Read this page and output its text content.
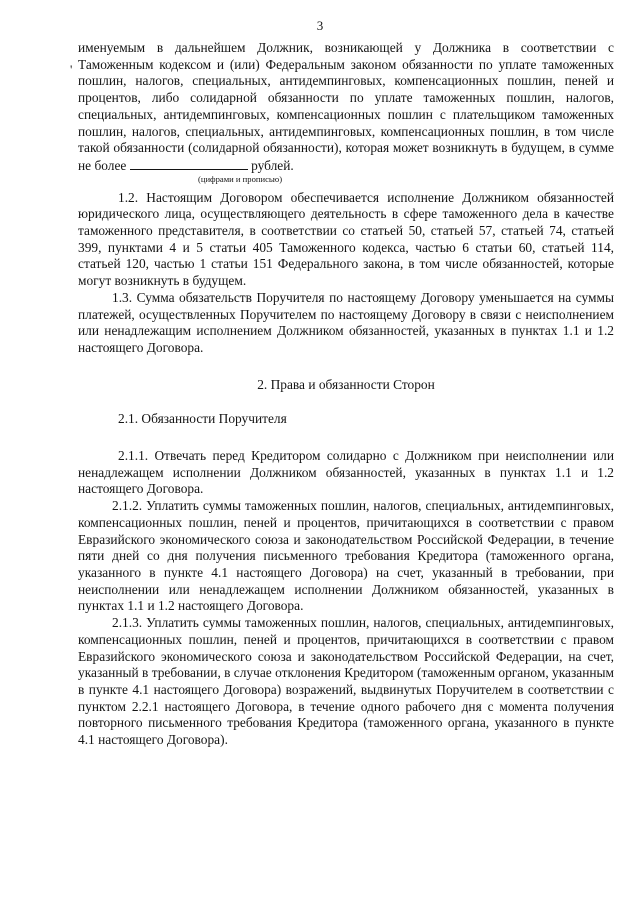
3
'

именуемым в дальнейшем Должник, возникающей у Должника в соответствии с Таможенным кодексом и (или) Федеральным законом обязанности по уплате таможенных пошлин, налогов, специальных, антидемпинговых, компенсационных пошлин, пеней и процентов, либо солидарной обязанности по уплате таможенных пошлин, налогов, специальных, антидемпинговых, компенсационных пошлин с плательщиком таможенных пошлин, налогов, специальных, антидемпинговых, компенсационных пошлин, в том числе такой обязанности (солидарной обязанности), которая может возникнуть в будущем, в сумме не более	рублей.

(цифрами и прописью)

1.2. Настоящим Договором обеспечивается исполнение Должником обязанностей юридического лица, осуществляющего деятельность в сфере таможенного дела в качестве таможенного представителя, в соответствии со статьей 50, статьей 57, статьей 74, статьей 399, пунктами 4 и 5 статьи 405 Таможенного кодекса, частью 6 статьи 60, статьей 114, статьей 120, частью 1 статьи 151 Федерального закона, в том числе обязанностей, которые могут возникнуть в будущем.

1.3. Сумма обязательств Поручителя по настоящему Договору уменьшается на суммы платежей, осуществленных Поручителем по настоящему Договору в связи с неисполнением или ненадлежащим исполнением Должником обязанностей, указанных в пунктах 1.1 и 1.2 настоящего Договора.

2. Права и обязанности Сторон

2.1. Обязанности Поручителя

2.1.1. Отвечать перед Кредитором солидарно с Должником при неисполнении или ненадлежащем исполнении Должником обязанностей, указанных в пунктах 1.1 и 1.2 настоящего Договора.

2.1.2. Уплатить суммы таможенных пошлин, налогов, специальных, антидемпинговых, компенсационных пошлин, пеней и процентов, причитающихся в соответствии с правом Евразийского экономического союза и законодательством Российской Федерации, в течение пяти дней со дня получения письменного требования Кредитора (таможенного органа, указанного в пункте 4.1 настоящего Договора) на счет, указанный в требовании, при неисполнении или ненадлежащем исполнении Должником обязанностей, указанных в пунктах 1.1 и 1.2 настоящего Договора.

2.1.3. Уплатить суммы таможенных пошлин, налогов, специальных, антидемпинговых, компенсационных пошлин, пеней и процентов, причитающихся в соответствии с правом Евразийского экономического союза и законодательством Российской Федерации, на счет, указанный в требовании, в случае отклонения Кредитором (таможенным органом, указанным в пункте 4.1 настоящего Договора) возражений, выдвинутых Поручителем в соответствии с пунктом 2.2.1 настоящего Договора, в течение одного рабочего дня с момента получения повторного письменного требования Кредитора (таможенного органа, указанного в пункте 4.1 настоящего Договора).
